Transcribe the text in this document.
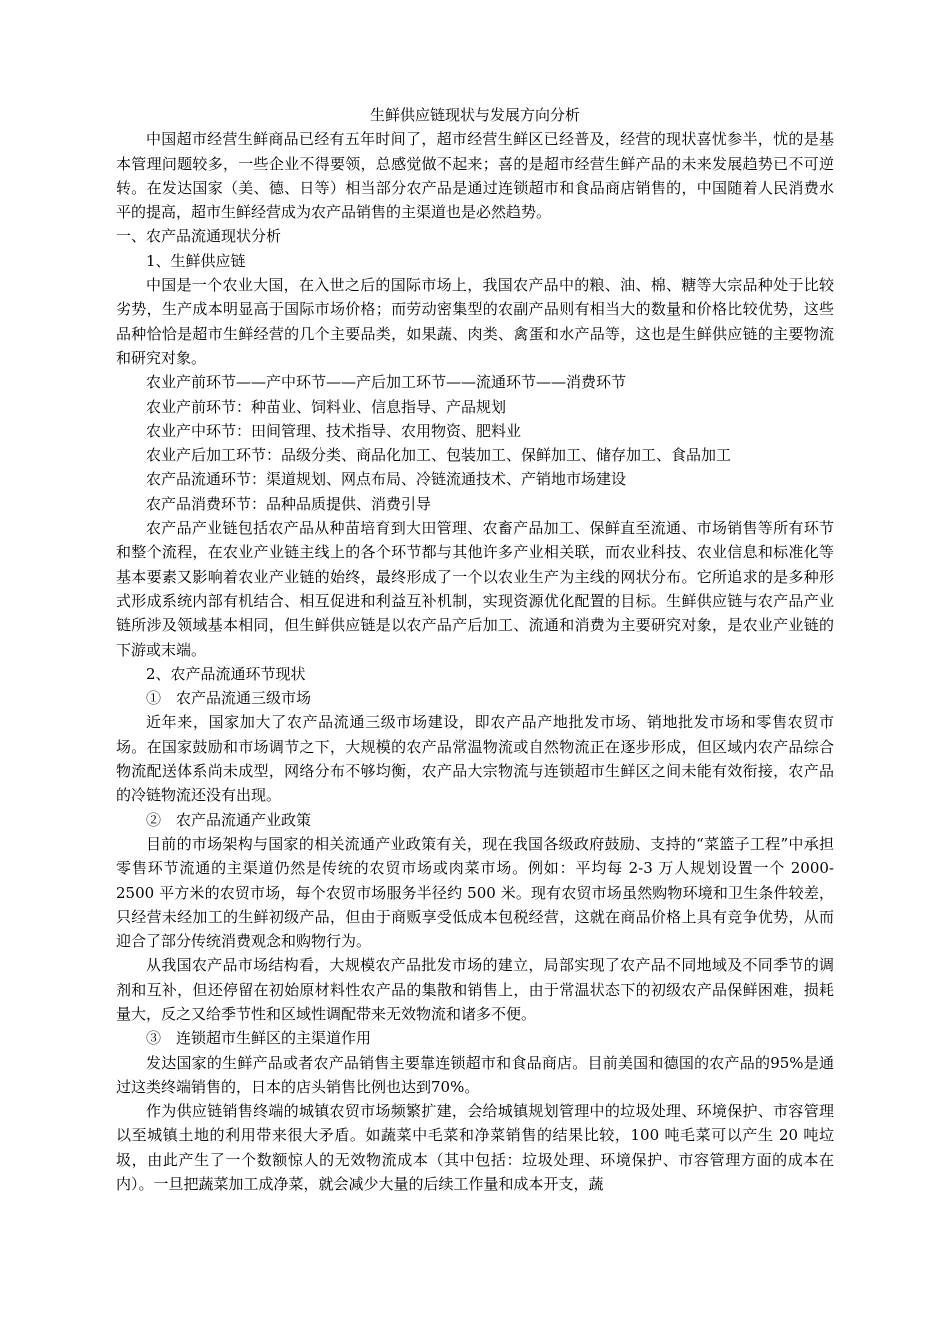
生鲜供应链现状与发展方向分析

中国超市经营生鲜商品已经有五年时间了，超市经营生鲜区已经普及，经营的现状喜忧参半，忧的是基本管理问题较多，一些企业不得要领，总感觉做不起来；喜的是超市经营生鲜产品的未来发展趋势已不可逆转。在发达国家（美、德、日等）相当部分农产品是通过连锁超市和食品商店销售的，中国随着人民消费水平的提高，超市生鲜经营成为农产品销售的主渠道也是必然趋势。

一、农产品流通现状分析

1、生鲜供应链

中国是一个农业大国，在入世之后的国际市场上，我国农产品中的粮、油、棉、糖等大宗品种处于比较劣势，生产成本明显高于国际市场价格；而劳动密集型的农副产品则有相当大的数量和价格比较优势，这些品种恰恰是超市生鲜经营的几个主要品类，如果蔬、肉类、禽蛋和水产品等，这也是生鲜供应链的主要物流和研究对象。

农业产前环节——产中环节——产后加工环节——流通环节——消费环节

农业产前环节：种苗业、饲料业、信息指导、产品规划

农业产中环节：田间管理、技术指导、农用物资、肥料业

农业产后加工环节：品级分类、商品化加工、包装加工、保鲜加工、储存加工、食品加工

农产品流通环节：渠道规划、网点布局、冷链流通技术、产销地市场建设

农产品消费环节：品种品质提供、消费引导

农产品产业链包括农产品从种苗培育到大田管理、农畜产品加工、保鲜直至流通、市场销售等所有环节和整个流程，在农业产业链主线上的各个环节都与其他许多产业相关联，而农业科技、农业信息和标准化等基本要素又影响着农业产业链的始终，最终形成了一个以农业生产为主线的网状分布。它所追求的是多种形式形成系统内部有机结合、相互促进和利益互补机制，实现资源优化配置的目标。生鲜供应链与农产品产业链所涉及领域基本相同，但生鲜供应链是以农产品产后加工、流通和消费为主要研究对象，是农业产业链的下游或末端。

2、农产品流通环节现状

①　农产品流通三级市场

近年来，国家加大了农产品流通三级市场建设，即农产品产地批发市场、销地批发市场和零售农贸市场。在国家鼓励和市场调节之下，大规模的农产品常温物流或自然物流正在逐步形成，但区域内农产品综合物流配送体系尚未成型，网络分布不够均衡，农产品大宗物流与连锁超市生鲜区之间未能有效衔接，农产品的冷链物流还没有出现。

②　农产品流通产业政策

目前的市场架构与国家的相关流通产业政策有关，现在我国各级政府鼓励、支持的“菜篮子工程”中承担零售环节流通的主渠道仍然是传统的农贸市场或肉菜市场。例如：平均每 2-3 万人规划设置一个 2000-2500 平方米的农贸市场，每个农贸市场服务半径约 500 米。现有农贸市场虽然购物环境和卫生条件较差，只经营未经加工的生鲜初级产品，但由于商贩享受低成本包税经营，这就在商品价格上具有竞争优势，从而迎合了部分传统消费观念和购物行为。

从我国农产品市场结构看，大规模农产品批发市场的建立，局部实现了农产品不同地域及不同季节的调剂和互补，但还停留在初始原材料性农产品的集散和销售上，由于常温状态下的初级农产品保鲜困难，损耗量大，反之又给季节性和区域性调配带来无效物流和诸多不便。

③　连锁超市生鲜区的主渠道作用

发达国家的生鲜产品或者农产品销售主要靠连锁超市和食品商店。目前美国和德国的农产品的95%是通过这类终端销售的，日本的店头销售比例也达到70%。

作为供应链销售终端的城镇农贸市场频繁扩建，会给城镇规划管理中的垃圾处理、环境保护、市容管理以至城镇土地的利用带来很大矛盾。如蔬菜中毛菜和净菜销售的结果比较，100 吨毛菜可以产生 20 吨垃圾，由此产生了一个数额惊人的无效物流成本（其中包括：垃圾处理、环境保护、市容管理方面的成本在内）。一旦把蔬菜加工成净菜，就会减少大量的后续工作量和成本开支，蔬
